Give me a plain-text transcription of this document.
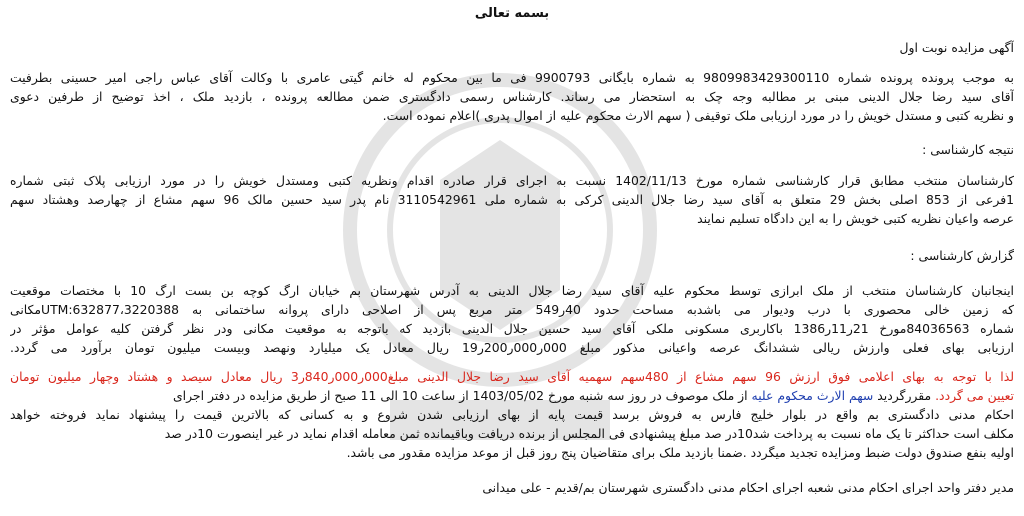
بسمه تعالی
آگهی مزایده نوبت اول
به موجب پرونده پرونده شماره 9809983429300110 به شماره بایگانی 9900793 فی ما بین محکوم له خانم گیتی عامری با وکالت آقای عباس راجی امیر حسینی بطرفیت
آقای سید رضا جلال الدینی مبنی بر مطالبه وجه چک به استحضار می رساند. کارشناس رسمی دادگستری ضمن مطالعه پرونده ، بازدید ملک ، اخذ توضیح از طرفین دعوی
و نظریه کتبی و مستدل خویش را در مورد ارزیابی ملک توقیفی ( سهم الارث محکوم علیه از اموال پدری )اعلام نموده است.
نتیجه کارشناسی :
کارشناسان منتخب مطابق قرار کارشناسی شماره مورخ 1402/11/13 نسبت به اجرای قرار صادره اقدام ونظریه کتبی ومستدل خویش را در مورد ارزیابی پلاک ثبتی شماره
1فرعی از 853 اصلی بخش 29 متعلق به آقای سید رضا جلال الدینی کرکی به شماره ملی 3110542961 نام پدر سید حسین مالک 96 سهم مشاع از چهارصد وهشتاد سهم
عرصه واعیان نظریه کتبی خویش را به این دادگاه تسلیم نمایند
گزارش کارشناسی :
اینجانبان کارشناسان منتخب از ملک ابرازی توسط محکوم علیه آقای سید رضا جلال الدینی به آدرس شهرستان بم خیابان ارگ کوچه بن بست ارگ 10 با مختصات موقعیت
که زمین خالی محصوری با درب ودیوار می باشدبه مساحت حدود 40ر549 متر مربع پس از اصلاحی دارای پروانه ساختمانی به 3220388،UTM:632877مکانی
شماره 84036563مورخ 21ر11ر1386 باکاربری مسکونی ملکی آقای سید حسین جلال الدینی بازدید که باتوجه به موقعیت مکانی ودر نظر گرفتن کلیه عوامل مؤثر در
ارزیابی بهای فعلی وارزش ریالی ششدانگ عرصه واعیانی مذکور مبلغ 000ر000ر200ر19 ریال معادل یک میلیارد ونهصد وبیست میلیون تومان برآورد می گردد.
لذا با توجه به بهای اعلامی فوق ارزش 96 سهم مشاع از 480سهم سهمیه آقای سید رضا جلال الدینی مبلغ000ر000ر840ر3 ریال معادل سیصد و هشتاد وچهار میلیون تومان
تعیین می گردد. مقررگردید سهم الارث محکوم علیه از ملک موصوف در روز سه شنبه مورخ 1403/05/02 از ساعت 10 الی 11 صبح از طریق مزایده در دفتر اجرای
احکام مدنی دادگستری بم واقع در بلوار خلیج فارس به فروش برسد قیمت پایه از بهای ارزیابی شدن شروع و به کسانی که بالاترین قیمت را پیشنهاد نماید فروخته خواهد
مکلف است حداکثر تا یک ماه نسبت به پرداخت شد10در صد مبلغ پیشنهادی فی المجلس از برنده دریافت وباقیمانده ثمن معامله اقدام نماید در غیر اینصورت 10در صد
اولیه بنفع صندوق دولت ضبط ومزایده تجدید میگردد .ضمنا بازدید ملک برای متقاضیان پنج روز قبل از موعد مزایده مقدور می باشد.
مدیر دفتر واحد اجرای احکام مدنی شعبه اجرای احکام مدنی دادگستری شهرستان بم/قدیم - علی میدانی
